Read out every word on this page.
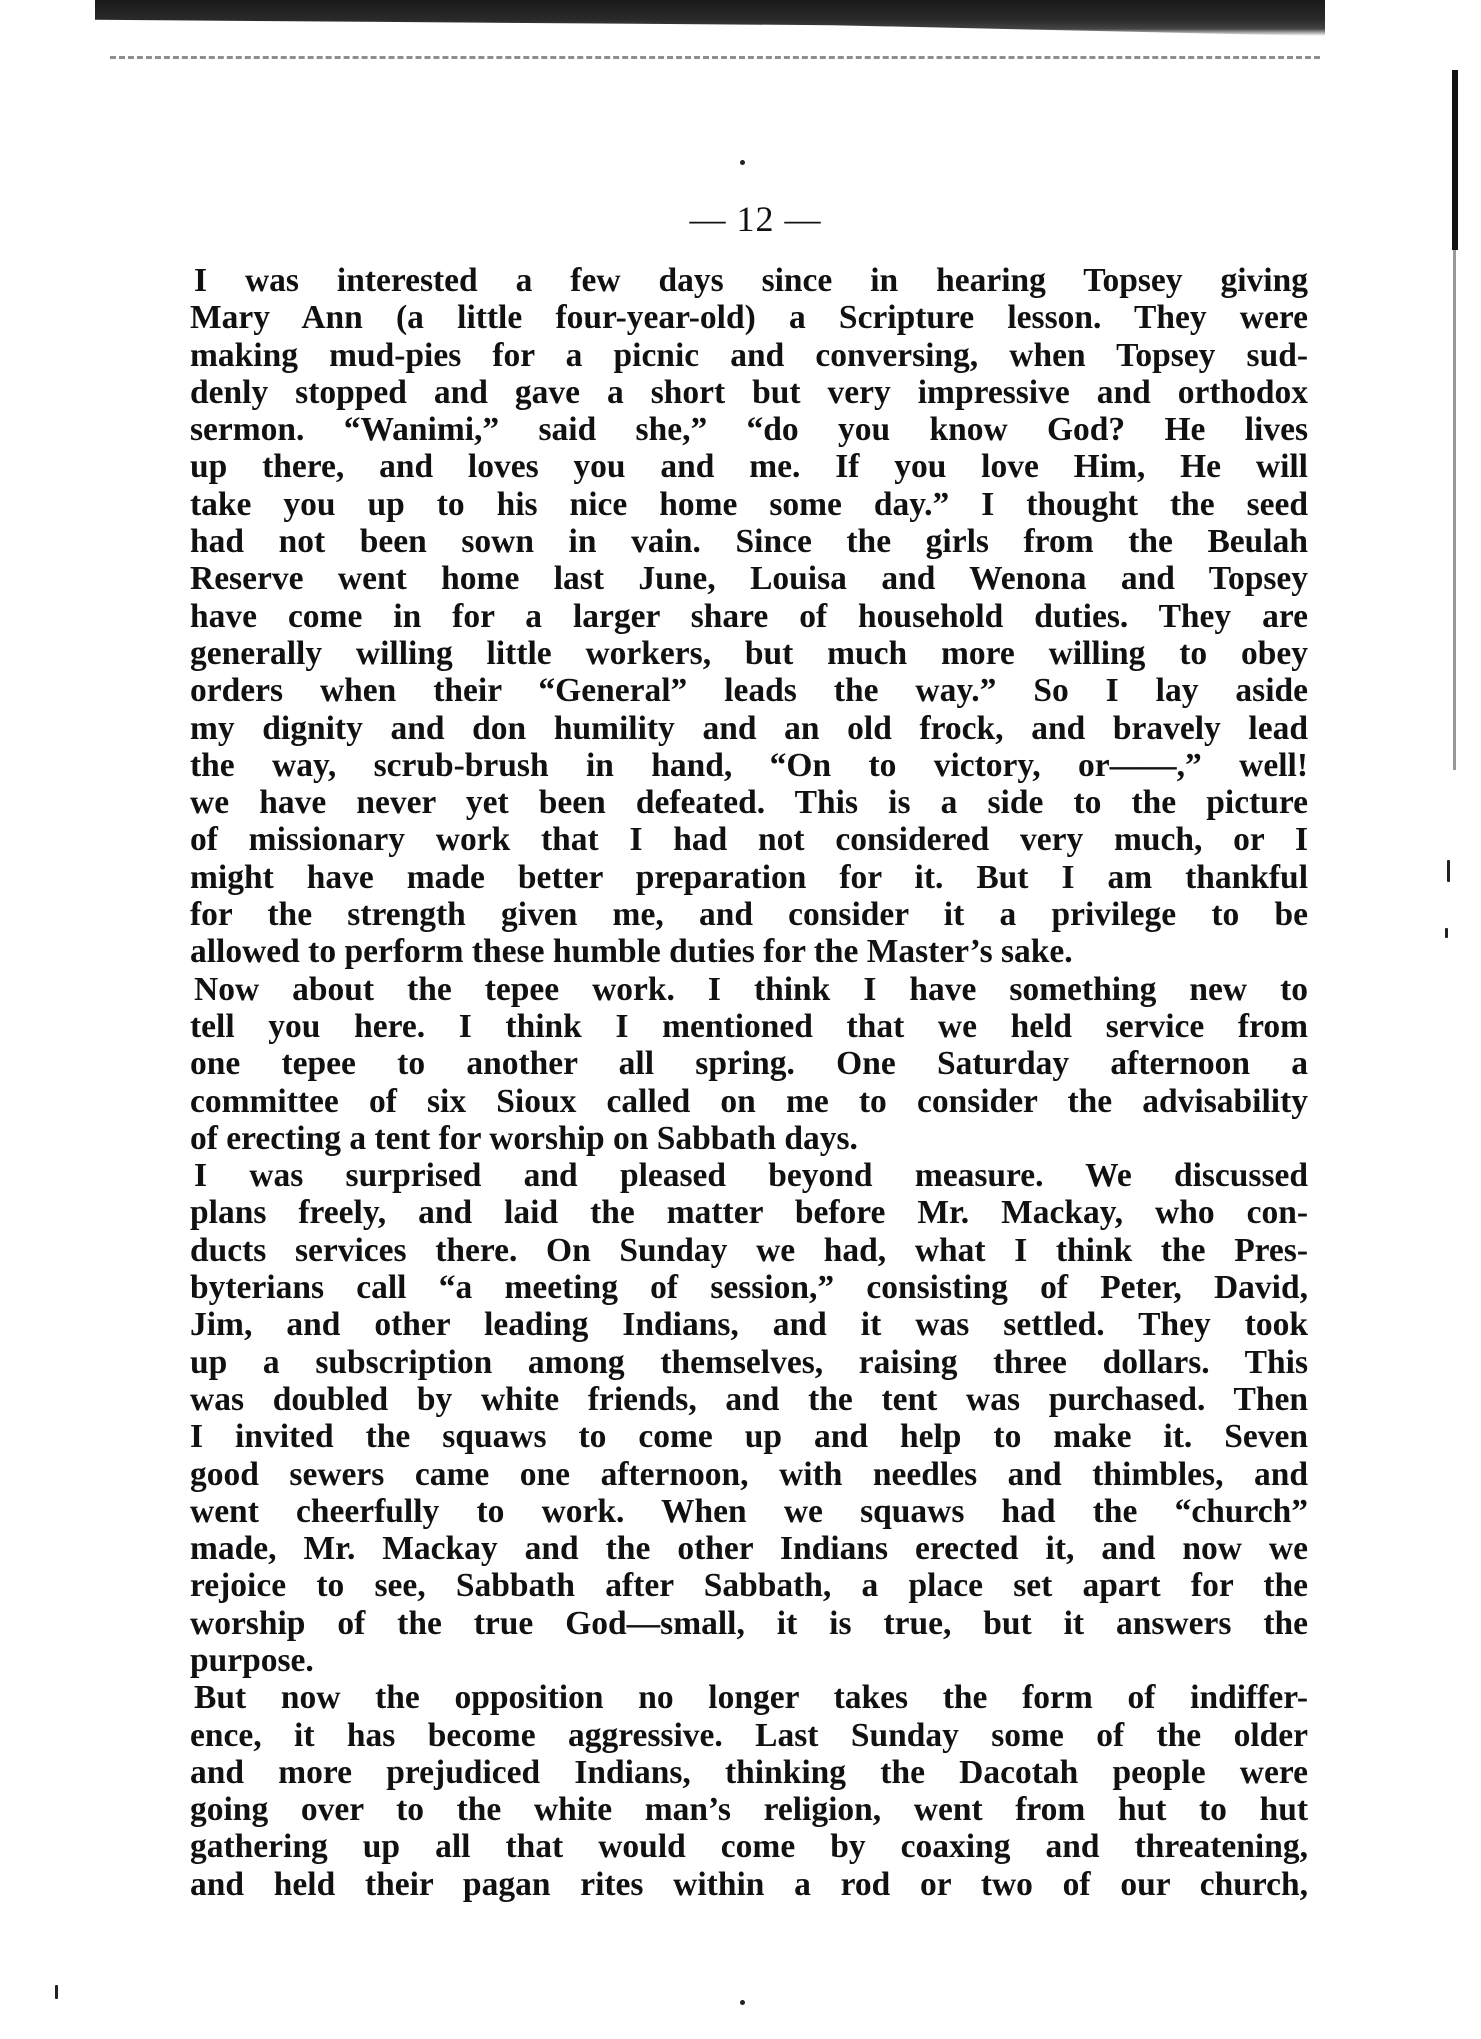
— 12 —
I was interested a few days since in hearing Topsey giving
Mary Ann (a little four-year-old) a Scripture lesson. They were
making mud-pies for a picnic and conversing, when Topsey sud-
denly stopped and gave a short but very impressive and orthodox
sermon. “Wanimi,” said she,” “do you know God? He lives
up there, and loves you and me. If you love Him, He will
take you up to his nice home some day.” I thought the seed
had not been sown in vain. Since the girls from the Beulah
Reserve went home last June, Louisa and Wenona and Topsey
have come in for a larger share of household duties. They are
generally willing little workers, but much more willing to obey
orders when their “General” leads the way.” So I lay aside
my dignity and don humility and an old frock, and bravely lead
the way, scrub-brush in hand, “On to victory, or——,” well!
we have never yet been defeated. This is a side to the picture
of missionary work that I had not considered very much, or I
might have made better preparation for it. But I am thankful
for the strength given me, and consider it a privilege to be
allowed to perform these humble duties for the Master’s sake.
Now about the tepee work. I think I have something new to
tell you here. I think I mentioned that we held service from
one tepee to another all spring. One Saturday afternoon a
committee of six Sioux called on me to consider the advisability
of erecting a tent for worship on Sabbath days.
I was surprised and pleased beyond measure. We discussed
plans freely, and laid the matter before Mr. Mackay, who con-
ducts services there. On Sunday we had, what I think the Pres-
byterians call “a meeting of session,” consisting of Peter, David,
Jim, and other leading Indians, and it was settled. They took
up a subscription among themselves, raising three dollars. This
was doubled by white friends, and the tent was purchased. Then
I invited the squaws to come up and help to make it. Seven
good sewers came one afternoon, with needles and thimbles, and
went cheerfully to work. When we squaws had the “church”
made, Mr. Mackay and the other Indians erected it, and now we
rejoice to see, Sabbath after Sabbath, a place set apart for the
worship of the true God—small, it is true, but it answers the
purpose.
But now the opposition no longer takes the form of indiffer-
ence, it has become aggressive. Last Sunday some of the older
and more prejudiced Indians, thinking the Dacotah people were
going over to the white man’s religion, went from hut to hut
gathering up all that would come by coaxing and threatening,
and held their pagan rites within a rod or two of our church,
